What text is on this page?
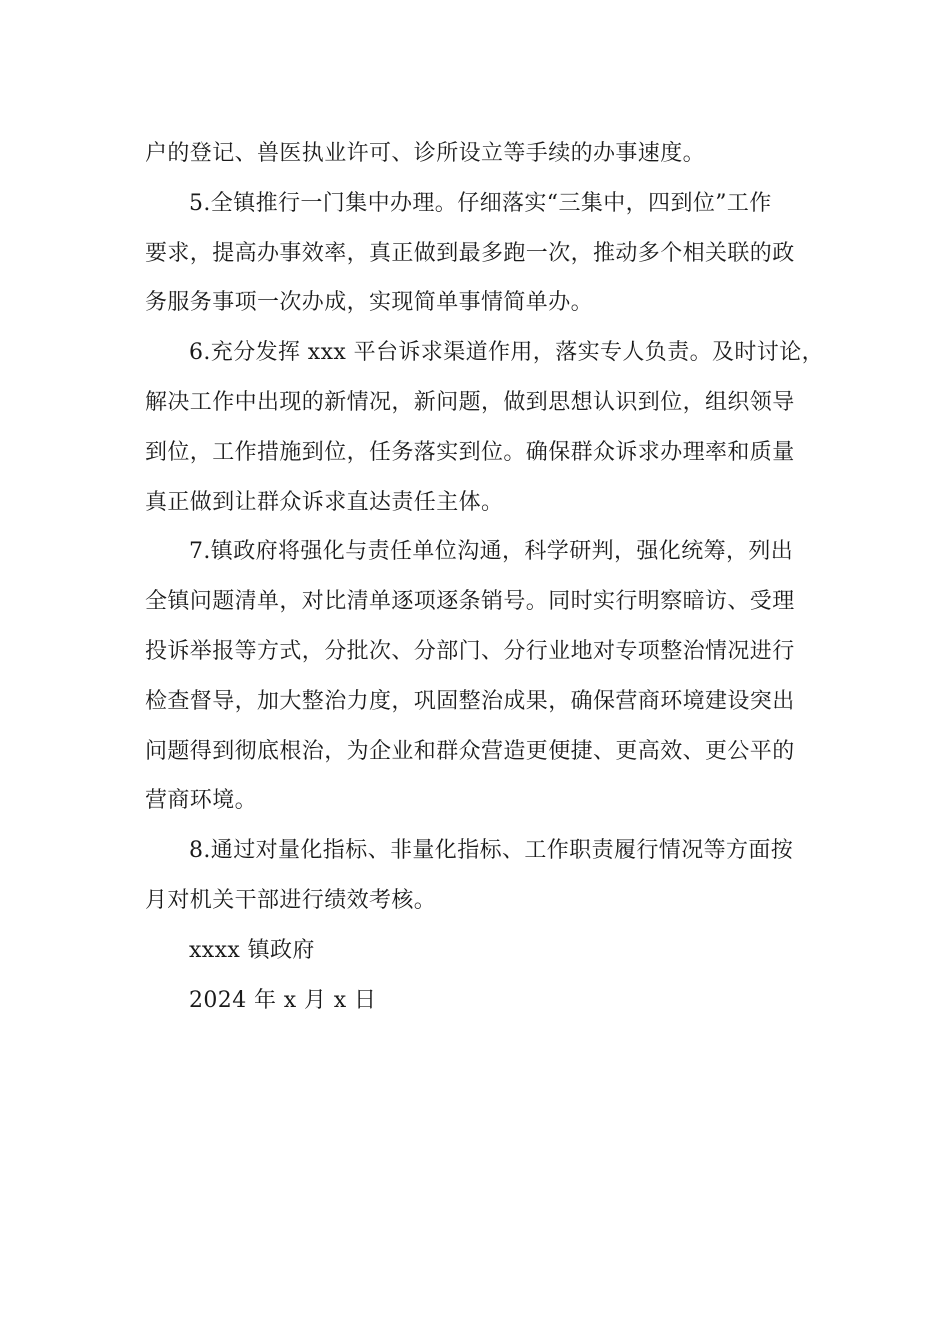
户的登记、兽医执业许可、诊所设立等手续的办事速度。
5.全镇推行一门集中办理。仔细落实“三集中，四到位”工作
要求，提高办事效率，真正做到最多跑一次，推动多个相关联的政
务服务事项一次办成，实现简单事情简单办。
6.充分发挥 xxx 平台诉求渠道作用，落实专人负责。及时讨论，
解决工作中出现的新情况，新问题，做到思想认识到位，组织领导
到位，工作措施到位，任务落实到位。确保群众诉求办理率和质量
真正做到让群众诉求直达责任主体。
7.镇政府将强化与责任单位沟通，科学研判，强化统筹，列出
全镇问题清单，对比清单逐项逐条销号。同时实行明察暗访、受理
投诉举报等方式，分批次、分部门、分行业地对专项整治情况进行
检查督导，加大整治力度，巩固整治成果，确保营商环境建设突出
问题得到彻底根治，为企业和群众营造更便捷、更高效、更公平的
营商环境。
8.通过对量化指标、非量化指标、工作职责履行情况等方面按
月对机关干部进行绩效考核。
xxxx 镇政府
2024 年 x 月 x 日
